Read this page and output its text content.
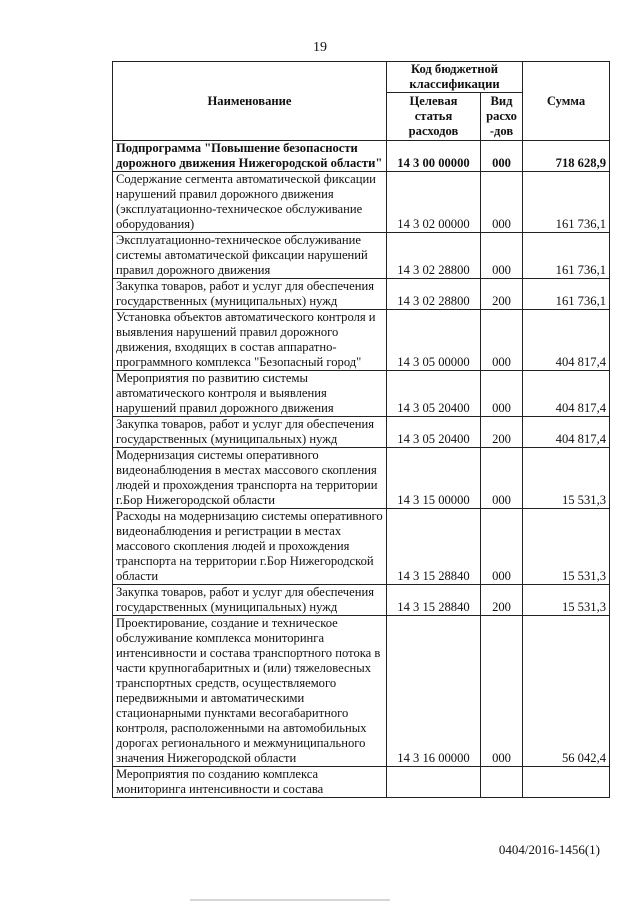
19
Наименование	Код бюджетной классификации		Сумма
	Целевая статья расходов	Вид расхо -дов	
Подпрограмма "Повышение безопасности дорожного движения Нижегородской области"	14 3 00 00000	000	718 628,9
Содержание сегмента автоматической фиксации нарушений правил дорожного движения (эксплуатационно-техническое обслуживание оборудования)	14 3 02 00000	000	161 736,1
Эксплуатационно-техническое обслуживание системы автоматической фиксации нарушений правил дорожного движения	14 3 02 28800	000	161 736,1
Закупка товаров, работ и услуг для обеспечения государственных (муниципальных) нужд	14 3 02 28800	200	161 736,1
Установка объектов автоматического контроля и выявления нарушений правил дорожного движения, входящих в состав аппаратно-программного комплекса "Безопасный город"	14 3 05 00000	000	404 817,4
Мероприятия по развитию системы автоматического контроля и выявления нарушений правил дорожного движения	14 3 05 20400	000	404 817,4
Закупка товаров, работ и услуг для обеспечения государственных (муниципальных) нужд	14 3 05 20400	200	404 817,4
Модернизация системы оперативного видеонаблюдения в местах массового скопления людей и прохождения транспорта на территории г.Бор Нижегородской области	14 3 15 00000	000	15 531,3
Расходы на модернизацию системы оперативного видеонаблюдения и регистрации в местах массового скопления людей и прохождения транспорта на территории г.Бор Нижегородской области	14 3 15 28840	000	15 531,3
Закупка товаров, работ и услуг для обеспечения государственных (муниципальных) нужд	14 3 15 28840	200	15 531,3
Проектирование, создание и техническое обслуживание комплекса мониторинга интенсивности и состава транспортного потока в части крупногабаритных и (или) тяжеловесных транспортных средств, осуществляемого передвижными и автоматическими стационарными пунктами весогабаритного контроля, расположенными на автомобильных дорогах регионального и межмуниципального значения Нижегородской области	14 3 16 00000	000	56 042,4
Мероприятия по созданию комплекса мониторинга интенсивности и состава			
0404/2016-1456(1)
